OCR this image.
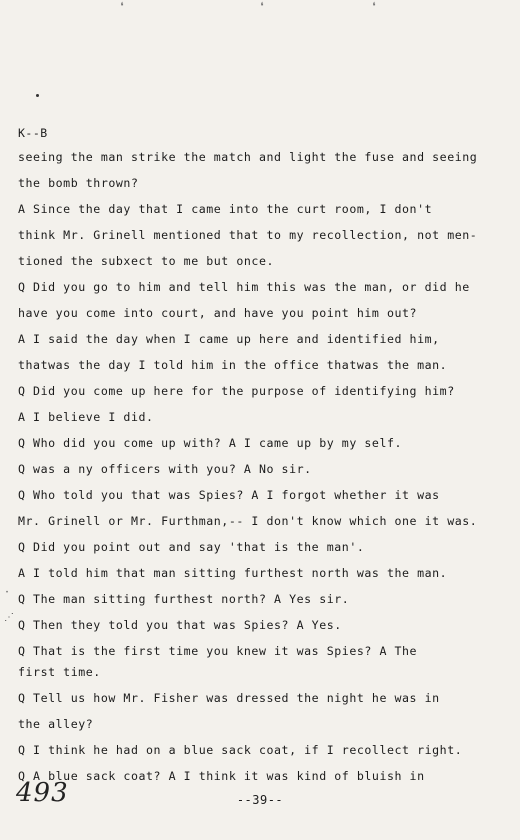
❛	❛	❛
K--B
seeing the man strike the match and light the fuse and seeing
the bomb thrown?
A Since the day that I came into the curt room, I don't
think Mr. Grinell mentioned that to my recollection, not men-
tioned the subxect to me but once.
Q Did you go to him and tell him this was the man, or did he
have you come into court, and have you point him out?
A I said the day when I came up here and identified him,
thatwas the day I told him in the office thatwas the man.
Q Did you come up here for the purpose of identifying him?
A I believe I did.
Q Who did you come up with? A I came up by my self.
Q was a ny officers with you? A No sir.
Q Who told you that was Spies? A I forgot whether it was
Mr. Grinell or Mr. Furthman,-- I don't know which one it was.
Q Did you point out and say 'that is the man'.
A I told him that man sitting furthest north was the man.
Q The man sitting furthest north? A Yes sir.
Q Then they told you that was Spies? A Yes.
Q That is the first time you knew it was Spies? A The
first time.
Q Tell us how Mr. Fisher was dressed the night he was in
the alley?
Q I think he had on a blue sack coat, if I recollect right.
Q A blue sack coat? A I think it was kind of bluish in
⋅
⋰
--39--
493
